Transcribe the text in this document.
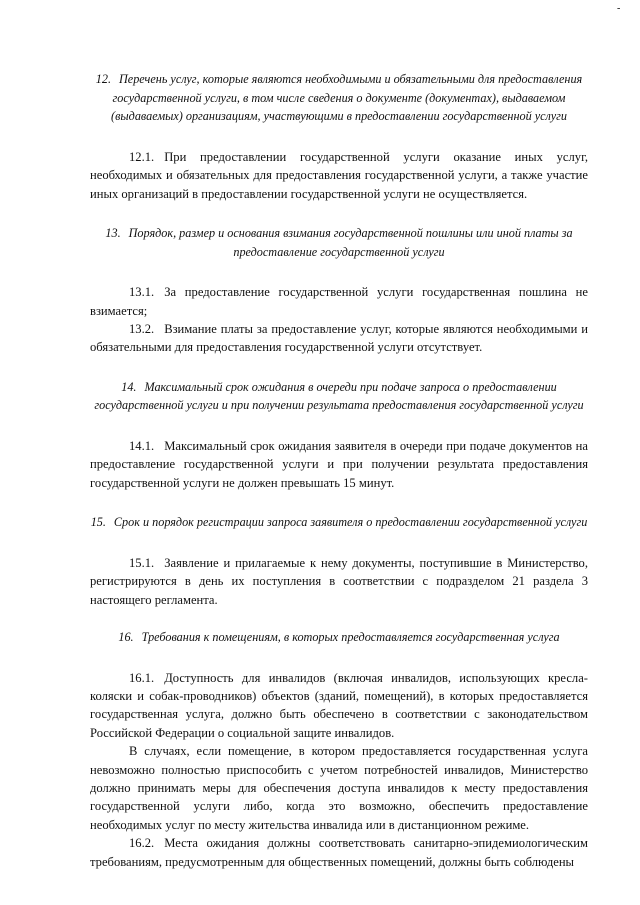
-
12. Перечень услуг, которые являются необходимыми и обязательными для предоставления государственной услуги, в том числе сведения о документе (документах), выдаваемом (выдаваемых) организациям, участвующими в предоставлении государственной услуги

12.1. При предоставлении государственной услуги оказание иных услуг, необходимых и обязательных для предоставления государственной услуги, а также участие иных организаций в предоставлении государственной услуги не осуществляется.

13. Порядок, размер и основания взимания государственной пошлины или иной платы за предоставление государственной услуги

13.1. За предоставление государственной услуги государственная пошлина не взимается;

13.2. Взимание платы за предоставление услуг, которые являются необходимыми и обязательными для предоставления государственной услуги отсутствует.

14. Максимальный срок ожидания в очереди при подаче запроса о предоставлении государственной услуги и при получении результата предоставления государственной услуги

14.1. Максимальный срок ожидания заявителя в очереди при подаче документов на предоставление государственной услуги и при получении результата предоставления государственной услуги не должен превышать 15 минут.

15. Срок и порядок регистрации запроса заявителя о предоставлении государственной услуги

15.1. Заявление и прилагаемые к нему документы, поступившие в Министерство, регистрируются в день их поступления в соответствии с подразделом 21 раздела 3 настоящего регламента.

16. Требования к помещениям, в которых предоставляется государственная услуга

16.1. Доступность для инвалидов (включая инвалидов, использующих кресла-коляски и собак-проводников) объектов (зданий, помещений), в которых предоставляется государственная услуга, должно быть обеспечено в соответствии с законодательством Российской Федерации о социальной защите инвалидов.

В случаях, если помещение, в котором предоставляется государственная услуга невозможно полностью приспособить с учетом потребностей инвалидов, Министерство должно принимать меры для обеспечения доступа инвалидов к месту предоставления государственной услуги либо, когда это возможно, обеспечить предоставление необходимых услуг по месту жительства инвалида или в дистанционном режиме.

16.2. Места ожидания должны соответствовать санитарно-эпидемиологическим требованиям, предусмотренным для общественных помещений, должны быть соблюдены
